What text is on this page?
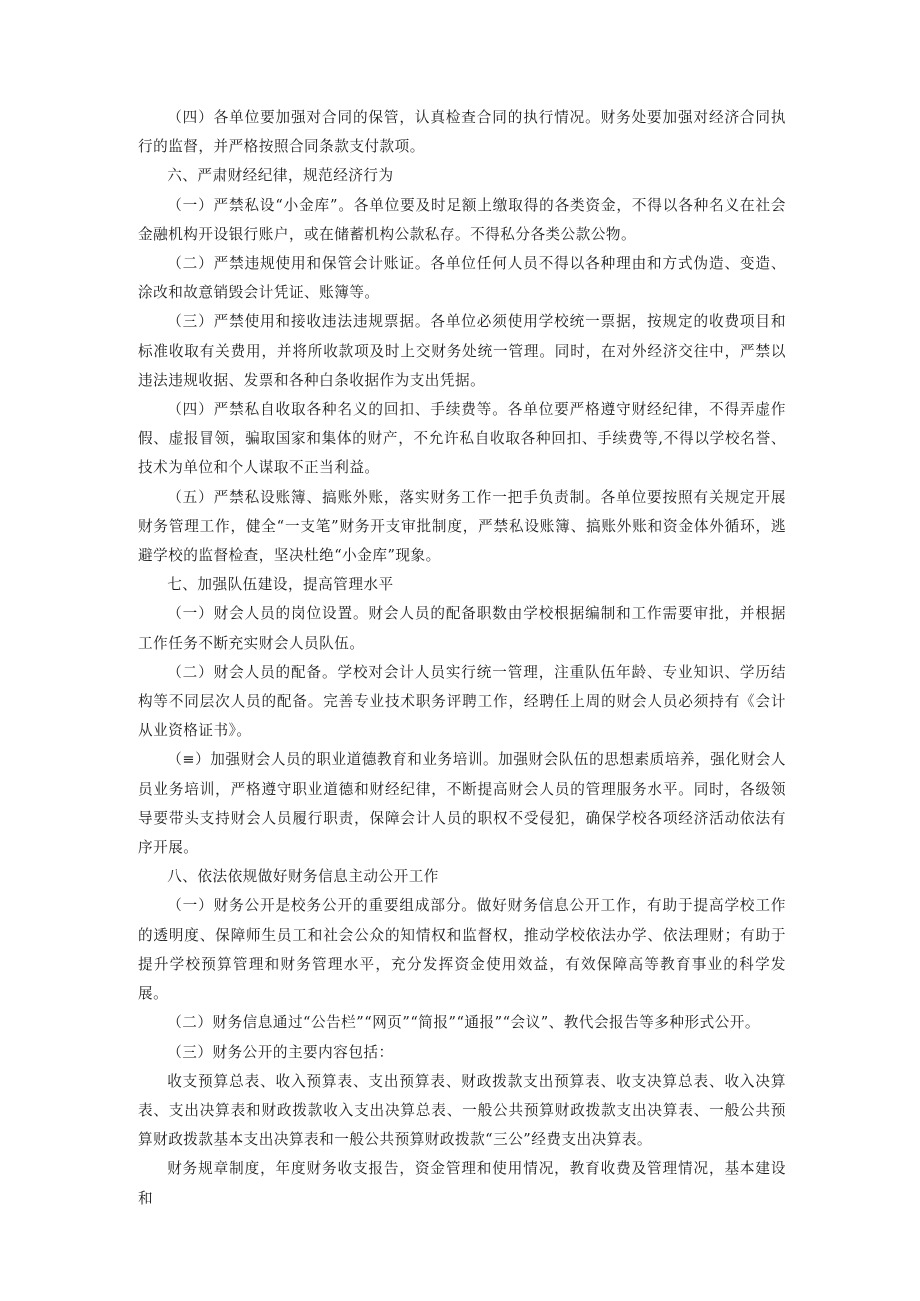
（四）各单位要加强对合同的保管，认真检查合同的执行情况。财务处要加强对经济合同执行的监督，并严格按照合同条款支付款项。

六、严肃财经纪律，规范经济行为

（一）严禁私设“小金库”。各单位要及时足额上缴取得的各类资金，不得以各种名义在社会金融机构开设银行账户，或在储蓄机构公款私存。不得私分各类公款公物。

（二）严禁违规使用和保管会计账证。各单位任何人员不得以各种理由和方式伪造、变造、涂改和故意销毁会计凭证、账簿等。

（三）严禁使用和接收违法违规票据。各单位必须使用学校统一票据，按规定的收费项目和标准收取有关费用，并将所收款项及时上交财务处统一管理。同时，在对外经济交往中，严禁以违法违规收据、发票和各种白条收据作为支出凭据。

（四）严禁私自收取各种名义的回扣、手续费等。各单位要严格遵守财经纪律，不得弄虚作假、虚报冒领，骗取国家和集体的财产，不允许私自收取各种回扣、手续费等,不得以学校名誉、技术为单位和个人谋取不正当利益。

（五）严禁私设账簿、搞账外账，落实财务工作一把手负责制。各单位要按照有关规定开展财务管理工作，健全“一支笔”财务开支审批制度，严禁私设账簿、搞账外账和资金体外循环，逃避学校的监督检查，坚决杜绝“小金库”现象。

七、加强队伍建设，提高管理水平

（一）财会人员的岗位设置。财会人员的配备职数由学校根据编制和工作需要审批，并根据工作任务不断充实财会人员队伍。

（二）财会人员的配备。学校对会计人员实行统一管理，注重队伍年龄、专业知识、学历结构等不同层次人员的配备。完善专业技术职务评聘工作，经聘任上周的财会人员必须持有《会计从业资格证书》。

（≡）加强财会人员的职业道德教育和业务培训。加强财会队伍的思想素质培养，强化财会人员业务培训，严格遵守职业道德和财经纪律，不断提高财会人员的管理服务水平。同时，各级领导要带头支持财会人员履行职责，保障会计人员的职权不受侵犯，确保学校各项经济活动依法有序开展。

八、依法依规做好财务信息主动公开工作

（一）财务公开是校务公开的重要组成部分。做好财务信息公开工作，有助于提高学校工作的透明度、保障师生员工和社会公众的知情权和监督权，推动学校依法办学、依法理财；有助于提升学校预算管理和财务管理水平，充分发挥资金使用效益，有效保障高等教育事业的科学发展。

（二）财务信息通过“公告栏”“网页”“简报”“通报”“会议”、教代会报告等多种形式公开。

（三）财务公开的主要内容包括：

收支预算总表、收入预算表、支出预算表、财政拨款支出预算表、收支决算总表、收入决算表、支出决算表和财政拨款收入支出决算总表、一般公共预算财政拨款支出决算表、一般公共预算财政拨款基本支出决算表和一般公共预算财政拨款“三公”经费支出决算表。

财务规章制度，年度财务收支报告，资金管理和使用情况，教育收费及管理情况，基本建设和
